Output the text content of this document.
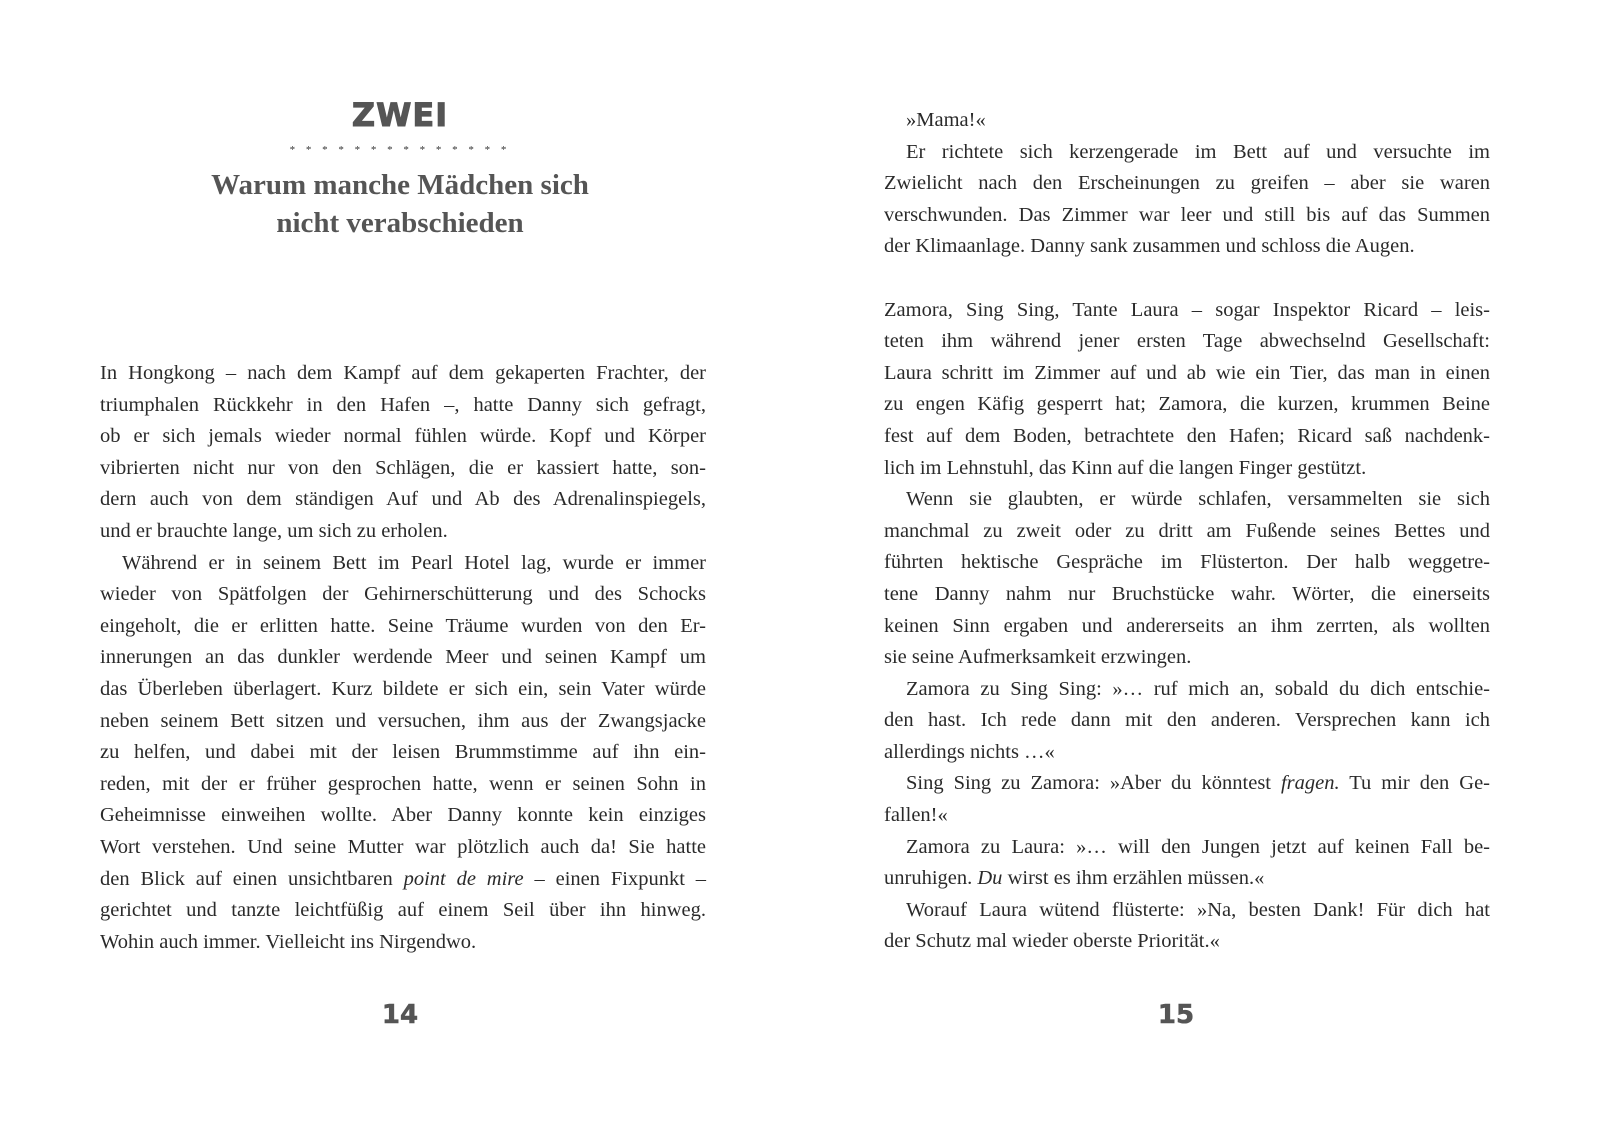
ZWEI
* * * * * * * * * * * * * *
Warum manche Mädchen sich
nicht verabschieden
In Hongkong – nach dem Kampf auf dem gekaperten Frachter, der
triumphalen Rückkehr in den Hafen –, hatte Danny sich gefragt,
ob er sich jemals wieder normal fühlen würde. Kopf und Körper
vibrierten nicht nur von den Schlägen, die er kassiert hatte, son-
dern auch von dem ständigen Auf und Ab des Adrenalinspiegels,
und er brauchte lange, um sich zu erholen.
Während er in seinem Bett im Pearl Hotel lag, wurde er immer
wieder von Spätfolgen der Gehirnerschütterung und des Schocks
eingeholt, die er erlitten hatte. Seine Träume wurden von den Er-
innerungen an das dunkler werdende Meer und seinen Kampf um
das Überleben überlagert. Kurz bildete er sich ein, sein Vater würde
neben seinem Bett sitzen und versuchen, ihm aus der Zwangsjacke
zu helfen, und dabei mit der leisen Brummstimme auf ihn ein-
reden, mit der er früher gesprochen hatte, wenn er seinen Sohn in
Geheimnisse einweihen wollte. Aber Danny konnte kein einziges
Wort verstehen. Und seine Mutter war plötzlich auch da! Sie hatte
den Blick auf einen unsichtbaren point de mire – einen Fixpunkt –
gerichtet und tanzte leichtfüßig auf einem Seil über ihn hinweg.
Wohin auch immer. Vielleicht ins Nirgendwo.
14
»Mama!«
Er richtete sich kerzengerade im Bett auf und versuchte im
Zwielicht nach den Erscheinungen zu greifen – aber sie waren
verschwunden. Das Zimmer war leer und still bis auf das Summen
der Klimaanlage. Danny sank zusammen und schloss die Augen.
Zamora, Sing Sing, Tante Laura – sogar Inspektor Ricard – leis-
teten ihm während jener ersten Tage abwechselnd Gesellschaft:
Laura schritt im Zimmer auf und ab wie ein Tier, das man in einen
zu engen Käfig gesperrt hat; Zamora, die kurzen, krummen Beine
fest auf dem Boden, betrachtete den Hafen; Ricard saß nachdenk-
lich im Lehnstuhl, das Kinn auf die langen Finger gestützt.
Wenn sie glaubten, er würde schlafen, versammelten sie sich
manchmal zu zweit oder zu dritt am Fußende seines Bettes und
führten hektische Gespräche im Flüsterton. Der halb weggetre-
tene Danny nahm nur Bruchstücke wahr. Wörter, die einerseits
keinen Sinn ergaben und andererseits an ihm zerrten, als wollten
sie seine Aufmerksamkeit erzwingen.
Zamora zu Sing Sing: »… ruf mich an, sobald du dich entschie-
den hast. Ich rede dann mit den anderen. Versprechen kann ich
allerdings nichts …«
Sing Sing zu Zamora: »Aber du könntest fragen. Tu mir den Ge-
fallen!«
Zamora zu Laura: »… will den Jungen jetzt auf keinen Fall be-
unruhigen. Du wirst es ihm erzählen müssen.«
Worauf Laura wütend flüsterte: »Na, besten Dank! Für dich hat
der Schutz mal wieder oberste Priorität.«
15
